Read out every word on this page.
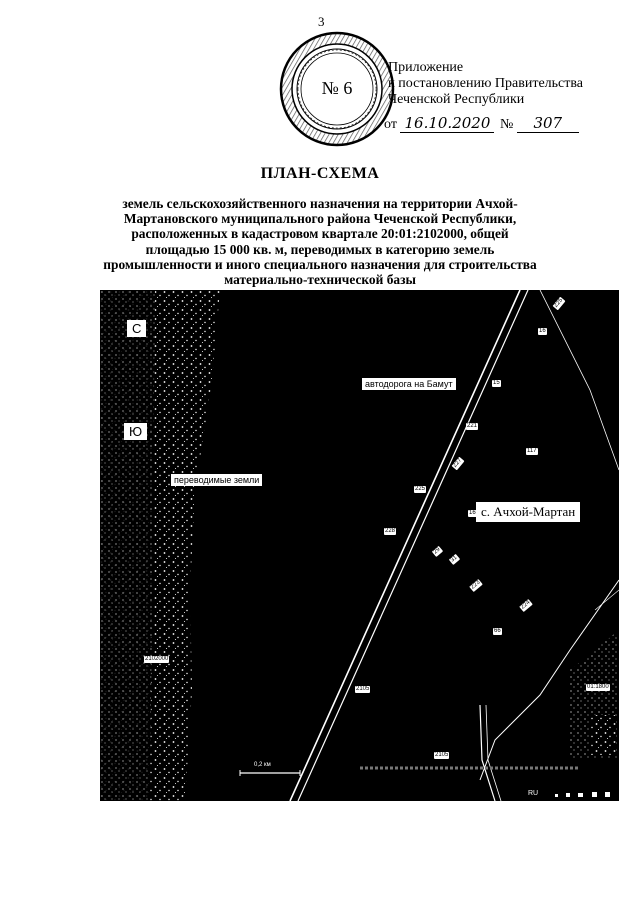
3
№ 6
Приложение
к постановлению Правительства
Чеченской Республики
от 16.10.2020 № 307
ПЛАН-СХЕМА
земель сельскохозяйственного назначения на территории Ачхой-Мартановского муниципального района Чеченской Республики, расположенных в кадастровом квартале 20:01:2102000, общей площадью 15 000 кв. м, переводимых в категорию земель промышленности и иного специального назначения для строительства материально-технической базы
С
Ю
автодорога на Бамут
переводимые земли
с. Ачхой-Мартан
0,2 км
RU
225
16
15
221
117
227
225
16
228
29
31
223
224
66
2102000
2105
2105
01:1800
